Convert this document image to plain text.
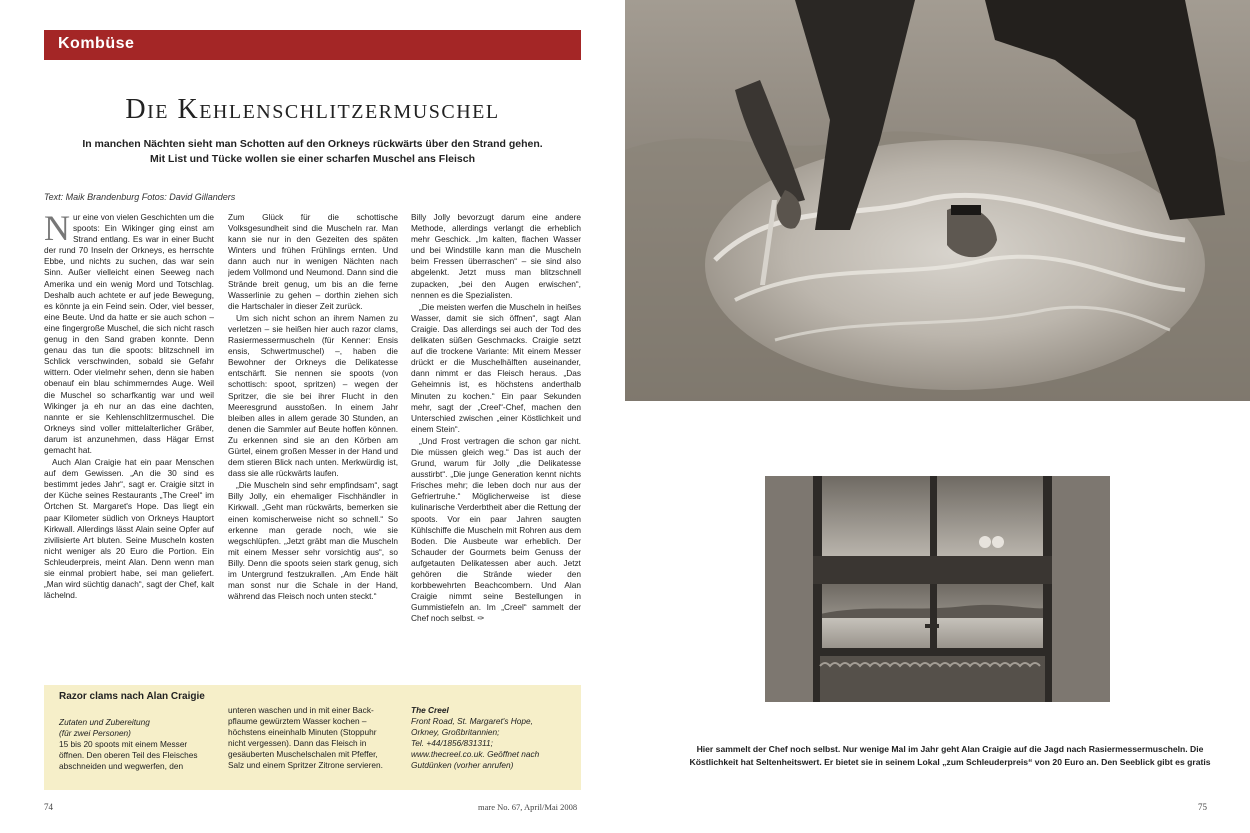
Kombüse
Die Kehlenschlitzermuschel
In manchen Nächten sieht man Schotten auf den Orkneys rückwärts über den Strand gehen.
Mit List und Tücke wollen sie einer scharfen Muschel ans Fleisch
Text: Maik Brandenburg Fotos: David Gillanders

Nur eine von vielen Geschichten um die spoots: Ein Wikinger ging einst am Strand entlang. Es war in einer Bucht der rund 70 Inseln der Orkneys, es herrschte Ebbe, und nichts zu suchen, das war sein Sinn. Außer vielleicht einen Seeweg nach Amerika und ein wenig Mord und Totschlag. Deshalb auch achtete er auf jede Bewegung, es könnte ja ein Feind sein. Oder, viel besser, eine Beute. Und da hatte er sie auch schon – eine fingergroße Muschel, die sich nicht rasch genug in den Sand graben konnte. Denn genau das tun die spoots: blitzschnell im Schlick verschwinden, sobald sie Gefahr wittern. Oder vielmehr sehen, denn sie haben obenauf ein blau schimmerndes Auge. Weil die Muschel so scharfkantig war und weil Wikinger ja eh nur an das eine dachten, nannte er sie Kehlenschlitzermuschel. Die Orkneys sind voller mittelalterlicher Gräber, darum ist anzunehmen, dass Hägar Ernst gemacht hat.

Auch Alan Craigie hat ein paar Menschen auf dem Gewissen. „An die 30 sind es bestimmt jedes Jahr“, sagt er. Craigie sitzt in der Küche seines Restaurants „The Creel“ im Örtchen St. Margaret's Hope. Das liegt ein paar Kilometer südlich von Orkneys Hauptort Kirkwall. Allerdings lässt Alain seine Opfer auf zivilisierte Art bluten. Seine Muscheln kosten nicht weniger als 20 Euro die Portion. Ein Schleuderpreis, meint Alan. Denn wenn man sie einmal probiert habe, sei man geliefert. „Man wird süchtig danach“, sagt der Chef, kalt lächelnd.

Zum Glück für die schottische Volksgesundheit sind die Muscheln rar. Man kann sie nur in den Gezeiten des späten Winters und frühen Frühlings ernten. Und dann auch nur in wenigen Nächten nach jedem Vollmond und Neumond. Dann sind die Strände breit genug, um bis an die ferne Wasserlinie zu gehen – dorthin ziehen sich die Hartschaler in dieser Zeit zurück.

Um sich nicht schon an ihrem Namen zu verletzen – sie heißen hier auch razor clams, Rasiermessermuscheln (für Kenner: Ensis ensis, Schwertmuschel) –, haben die Bewohner der Orkneys die Delikatesse entschärft. Sie nennen sie spoots (von schottisch: spoot, spritzen) – wegen der Spritzer, die sie bei ihrer Flucht in den Meeresgrund ausstoßen. In einem Jahr bleiben alles in allem gerade 30 Stunden, an denen die Sammler auf Beute hoffen können. Zu erkennen sind sie an den Körben am Gürtel, einem großen Messer in der Hand und dem stieren Blick nach unten. Merkwürdig ist, dass sie alle rückwärts laufen.

„Die Muscheln sind sehr empfindsam“, sagt Billy Jolly, ein ehemaliger Fischhändler in Kirkwall. „Geht man rückwärts, bemerken sie einen komischerweise nicht so schnell.“ So erkenne man gerade noch, wie sie wegschlüpfen. „Jetzt gräbt man die Muscheln mit einem Messer sehr vorsichtig aus“, so Billy. Denn die spoots seien stark genug, sich im Untergrund festzukrallen. „Am Ende hält man sonst nur die Schale in der Hand, während das Fleisch noch unten steckt.“

Billy Jolly bevorzugt darum eine andere Methode, allerdings verlangt die erheblich mehr Geschick. „Im kalten, flachen Wasser und bei Windstille kann man die Muscheln beim Fressen überraschen“ – sie sind also abgelenkt. Jetzt muss man blitzschnell zupacken, „bei den Augen erwischen“, nennen es die Spezialisten.

„Die meisten werfen die Muscheln in heißes Wasser, damit sie sich öffnen“, sagt Alan Craigie. Das allerdings sei auch der Tod des delikaten süßen Geschmacks. Craigie setzt auf die trockene Variante: Mit einem Messer drückt er die Muschelhälften auseinander, dann nimmt er das Fleisch heraus. „Das Geheimnis ist, es höchstens anderthalb Minuten zu kochen.“ Ein paar Sekunden mehr, sagt der „Creel“-Chef, machen den Unterschied zwischen „einer Köstlichkeit und einem Stein“.

„Und Frost vertragen die schon gar nicht. Die müssen gleich weg.“ Das ist auch der Grund, warum für Jolly „die Delikatesse ausstirbt“. „Die junge Generation kennt nichts Frisches mehr; die leben doch nur aus der Gefriertruhe.“ Möglicherweise ist diese kulinarische Verderbtheit aber die Rettung der spoots. Vor ein paar Jahren saugten Kühlschiffe die Muscheln mit Rohren aus dem Boden. Die Ausbeute war erheblich. Der Schauder der Gourmets beim Genuss der aufgetauten Delikatessen aber auch. Jetzt gehören die Strände wieder den korbbewehrten Beachcombern. Und Alan Craigie nimmt seine Bestellungen in Gummistiefeln an. Im „Creel“ sammelt der Chef noch selbst. ✑

Razor clams nach Alan Craigie
Zutaten und Zubereitung
(für zwei Personen)
15 bis 20 spoots mit einem Messer
öffnen. Den oberen Teil des Fleisches
abschneiden und wegwerfen, den
unteren waschen und in mit einer Back-
pflaume gewürztem Wasser kochen –
höchstens eineinhalb Minuten (Stoppuhr
nicht vergessen). Dann das Fleisch in
gesäuberten Muschelschalen mit Pfeffer,
Salz und einem Spritzer Zitrone servieren.
The Creel
Front Road, St. Margaret's Hope,
Orkney, Großbritannien;
Tel. +44/1856/831311;
www.thecreel.co.uk. Geöffnet nach
Gutdünken (vorher anrufen)
74	mare No. 67, April/Mai 2008
Hier sammelt der Chef noch selbst. Nur wenige Mal im Jahr geht Alan Craigie auf die Jagd nach Rasiermessermuscheln. Die
Köstlichkeit hat Seltenheitswert. Er bietet sie in seinem Lokal „zum Schleuderpreis“ von 20 Euro an. Den Seeblick gibt es gratis
75
